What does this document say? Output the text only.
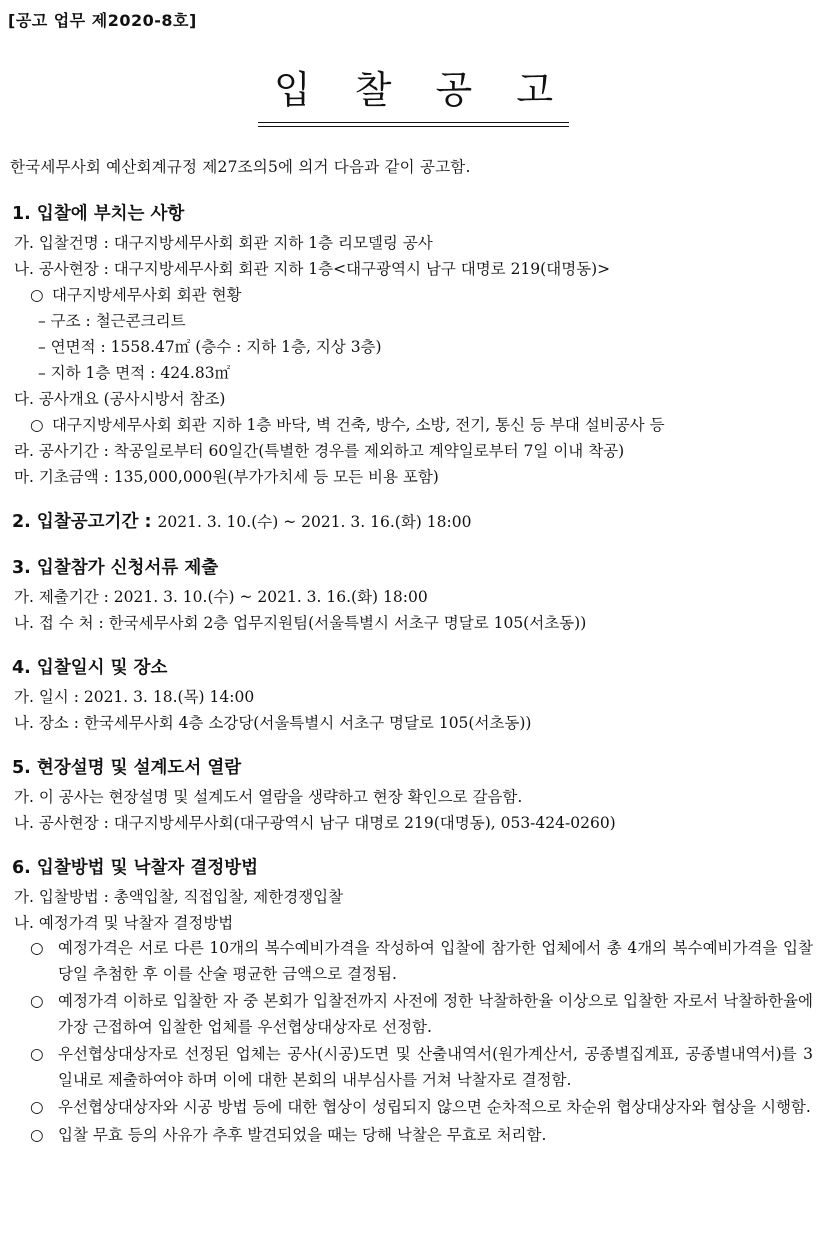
[공고 업무 제2020-8호]
입 찰 공 고
한국세무사회 예산회계규정 제27조의5에 의거 다음과 같이 공고함.
1. 입찰에 부치는 사항
가. 입찰건명 : 대구지방세무사회 회관 지하 1층 리모델링 공사
나. 공사현장 : 대구지방세무사회 회관 지하 1층<대구광역시 남구 대명로 219(대명동)>
○ 대구지방세무사회 회관 현황
– 구조 : 철근콘크리트
– 연면적 : 1558.47㎡ (층수 : 지하 1층, 지상 3층)
– 지하 1층 면적 : 424.83㎡
다. 공사개요 (공사시방서 참조)
○ 대구지방세무사회 회관 지하 1층 바닥, 벽 건축, 방수, 소방, 전기, 통신 등 부대 설비공사 등
라. 공사기간 : 착공일로부터 60일간(특별한 경우를 제외하고 계약일로부터 7일 이내 착공)
마. 기초금액 : 135,000,000원(부가가치세 등 모든 비용 포함)
2. 입찰공고기간 : 2021. 3. 10.(수) ~ 2021. 3. 16.(화) 18:00
3. 입찰참가 신청서류 제출
가. 제출기간 : 2021. 3. 10.(수) ~ 2021. 3. 16.(화) 18:00
나. 접 수 처 : 한국세무사회 2층 업무지원팀(서울특별시 서초구 명달로 105(서초동))
4. 입찰일시 및 장소
가. 일시 : 2021. 3. 18.(목) 14:00
나. 장소 : 한국세무사회 4층 소강당(서울특별시 서초구 명달로 105(서초동))
5. 현장설명 및 설계도서 열람
가. 이 공사는 현장설명 및 설계도서 열람을 생략하고 현장 확인으로 갈음함.
나. 공사현장 : 대구지방세무사회(대구광역시 남구 대명로 219(대명동), 053-424-0260)
6. 입찰방법 및 낙찰자 결정방법
가. 입찰방법 : 총액입찰, 직접입찰, 제한경쟁입찰
나. 예정가격 및 낙찰자 결정방법
○ 예정가격은 서로 다른 10개의 복수예비가격을 작성하여 입찰에 참가한 업체에서 총 4개의 복수예비가격을 입찰 당일 추첨한 후 이를 산술 평균한 금액으로 결정됨.
○ 예정가격 이하로 입찰한 자 중 본회가 입찰전까지 사전에 정한 낙찰하한율 이상으로 입찰한 자로서 낙찰하한율에 가장 근접하여 입찰한 업체를 우선협상대상자로 선정함.
○ 우선협상대상자로 선정된 업체는 공사(시공)도면 및 산출내역서(원가계산서, 공종별집계표, 공종별내역서)를 3일내로 제출하여야 하며 이에 대한 본회의 내부심사를 거쳐 낙찰자로 결정함.
○ 우선협상대상자와 시공 방법 등에 대한 협상이 성립되지 않으면 순차적으로 차순위 협상대상자와 협상을 시행함.
○ 입찰 무효 등의 사유가 추후 발견되었을 때는 당해 낙찰은 무효로 처리함.
